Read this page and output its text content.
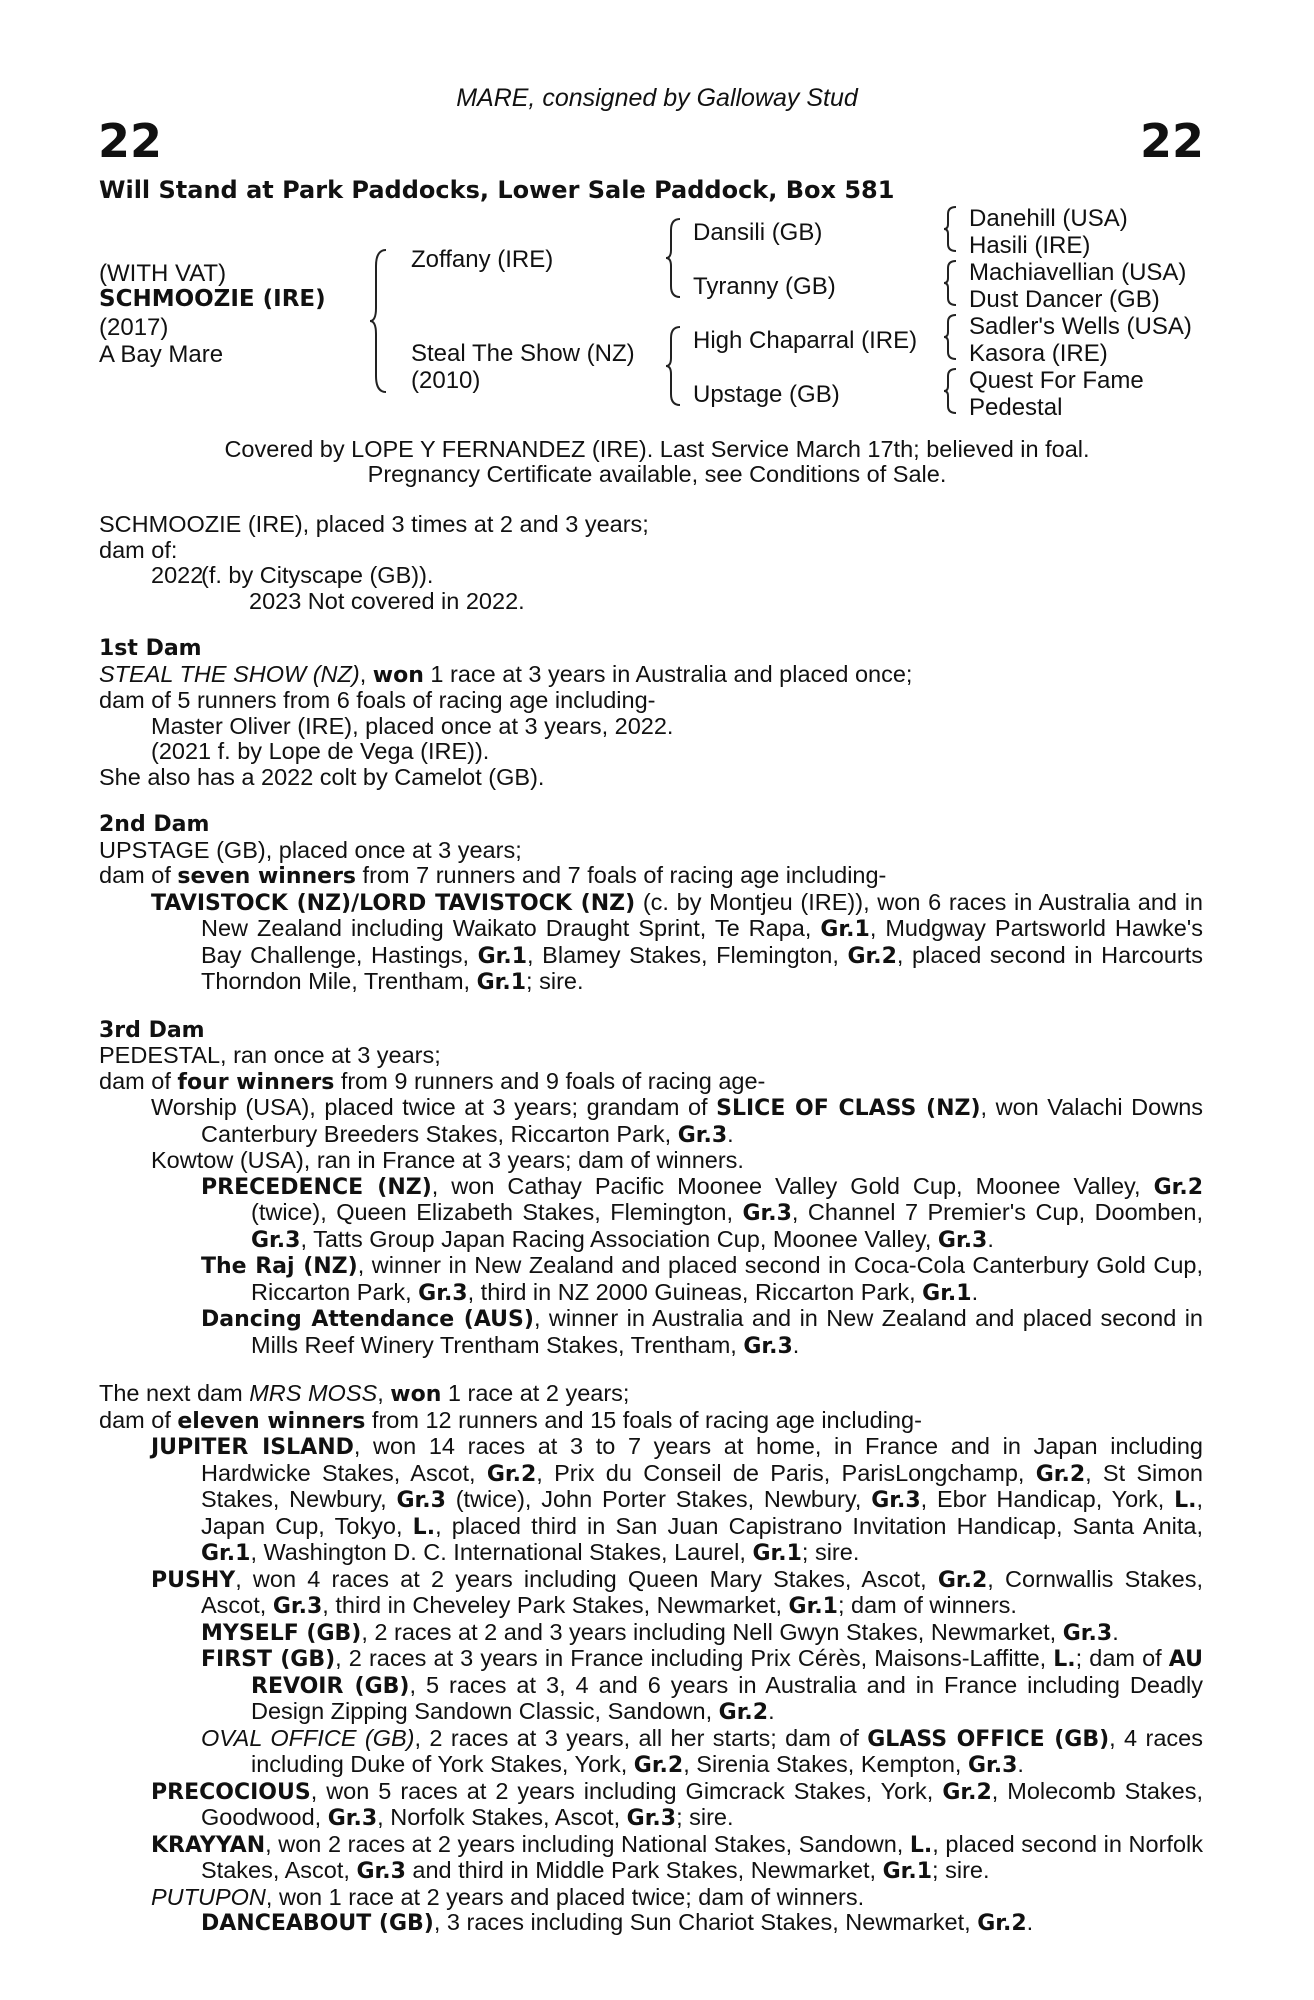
MARE, consigned by Galloway Stud
22	22
Will Stand at Park Paddocks, Lower Sale Paddock, Box 581
(WITH VAT)
SCHMOOZIE (IRE)
(2017)
A Bay Mare
Zoffany (IRE)
Steal The Show (NZ)
(2010)
Dansili (GB)
Tyranny (GB)
High Chaparral (IRE)
Upstage (GB)
Danehill (USA)
Hasili (IRE)
Machiavellian (USA)
Dust Dancer (GB)
Sadler's Wells (USA)
Kasora (IRE)
Quest For Fame
Pedestal
Covered by LOPE Y FERNANDEZ (IRE). Last Service March 17th; believed in foal.
Pregnancy Certificate available, see Conditions of Sale.

SCHMOOZIE (IRE), placed 3 times at 2 and 3 years;

dam of:

2022
(f. by Cityscape (GB)).

2023 Not covered in 2022.

1st Dam

STEAL THE SHOW (NZ), won 1 race at 3 years in Australia and placed once;

dam of 5 runners from 6 foals of racing age including-

Master Oliver (IRE), placed once at 3 years, 2022.

(2021 f. by Lope de Vega (IRE)).

She also has a 2022 colt by Camelot (GB).

2nd Dam

UPSTAGE (GB), placed once at 3 years;

dam of seven winners from 7 runners and 7 foals of racing age including-

TAVISTOCK (NZ)/LORD TAVISTOCK (NZ) (c. by Montjeu (IRE)), won 6 races in Australia and in New Zealand including Waikato Draught Sprint, Te Rapa, Gr.1, Mudgway Partsworld Hawke's Bay Challenge, Hastings, Gr.1, Blamey Stakes, Flemington, Gr.2, placed second in Harcourts Thorndon Mile, Trentham, Gr.1; sire.

3rd Dam

PEDESTAL, ran once at 3 years;

dam of four winners from 9 runners and 9 foals of racing age-

Worship (USA), placed twice at 3 years; grandam of SLICE OF CLASS (NZ), won Valachi Downs Canterbury Breeders Stakes, Riccarton Park, Gr.3.

Kowtow (USA), ran in France at 3 years; dam of winners.

PRECEDENCE (NZ), won Cathay Pacific Moonee Valley Gold Cup, Moonee Valley, Gr.2 (twice), Queen Elizabeth Stakes, Flemington, Gr.3, Channel 7 Premier's Cup, Doomben, Gr.3, Tatts Group Japan Racing Association Cup, Moonee Valley, Gr.3.

The Raj (NZ), winner in New Zealand and placed second in Coca-Cola Canterbury Gold Cup, Riccarton Park, Gr.3, third in NZ 2000 Guineas, Riccarton Park, Gr.1.

Dancing Attendance (AUS), winner in Australia and in New Zealand and placed second in Mills Reef Winery Trentham Stakes, Trentham, Gr.3.

The next dam MRS MOSS, won 1 race at 2 years;

dam of eleven winners from 12 runners and 15 foals of racing age including-

JUPITER ISLAND, won 14 races at 3 to 7 years at home, in France and in Japan including Hardwicke Stakes, Ascot, Gr.2, Prix du Conseil de Paris, ParisLongchamp, Gr.2, St Simon Stakes, Newbury, Gr.3 (twice), John Porter Stakes, Newbury, Gr.3, Ebor Handicap, York, L., Japan Cup, Tokyo, L., placed third in San Juan Capistrano Invitation Handicap, Santa Anita, Gr.1, Washington D. C. International Stakes, Laurel, Gr.1; sire.

PUSHY, won 4 races at 2 years including Queen Mary Stakes, Ascot, Gr.2, Cornwallis Stakes, Ascot, Gr.3, third in Cheveley Park Stakes, Newmarket, Gr.1; dam of winners.

MYSELF (GB), 2 races at 2 and 3 years including Nell Gwyn Stakes, Newmarket, Gr.3.

FIRST (GB), 2 races at 3 years in France including Prix Cérès, Maisons-Laffitte, L.; dam of AU REVOIR (GB), 5 races at 3, 4 and 6 years in Australia and in France including Deadly Design Zipping Sandown Classic, Sandown, Gr.2.

OVAL OFFICE (GB), 2 races at 3 years, all her starts; dam of GLASS OFFICE (GB), 4 races including Duke of York Stakes, York, Gr.2, Sirenia Stakes, Kempton, Gr.3.

PRECOCIOUS, won 5 races at 2 years including Gimcrack Stakes, York, Gr.2, Molecomb Stakes, Goodwood, Gr.3, Norfolk Stakes, Ascot, Gr.3; sire.

KRAYYAN, won 2 races at 2 years including National Stakes, Sandown, L., placed second in Norfolk Stakes, Ascot, Gr.3 and third in Middle Park Stakes, Newmarket, Gr.1; sire.

PUTUPON, won 1 race at 2 years and placed twice; dam of winners.

DANCEABOUT (GB), 3 races including Sun Chariot Stakes, Newmarket, Gr.2.
